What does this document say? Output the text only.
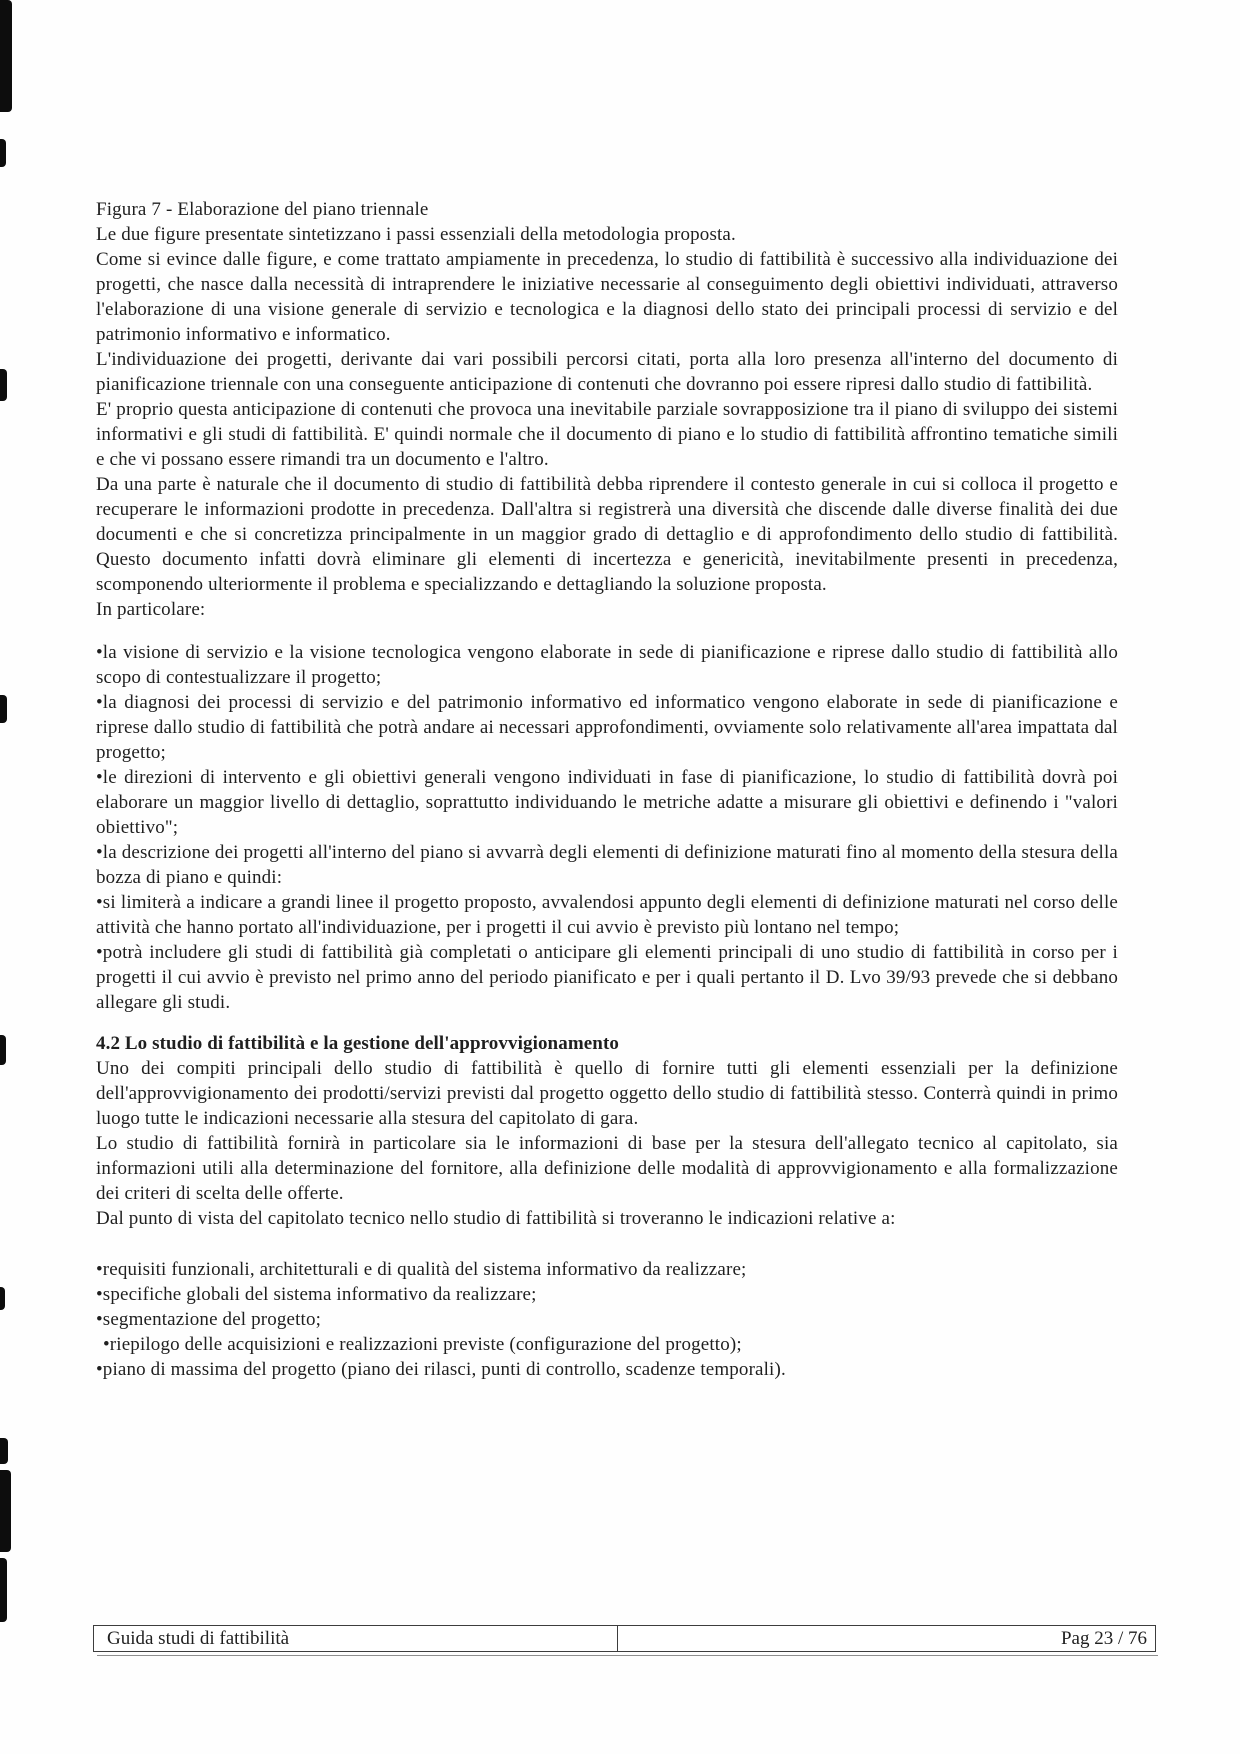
Figura 7 - Elaborazione del piano triennale

Le due figure presentate sintetizzano i passi essenziali della metodologia proposta.

Come si evince dalle figure, e come trattato ampiamente in precedenza, lo studio di fattibilità è successivo alla individuazione dei progetti, che nasce dalla necessità di intraprendere le iniziative necessarie al conseguimento degli obiettivi individuati, attraverso l'elaborazione di una visione generale di servizio e tecnologica e la diagnosi dello stato dei principali processi di servizio e del patrimonio informativo e informatico.

L'individuazione dei progetti, derivante dai vari possibili percorsi citati, porta alla loro presenza all'interno del documento di pianificazione triennale con una conseguente anticipazione di contenuti che dovranno poi essere ripresi dallo studio di fattibilità.

E' proprio questa anticipazione di contenuti che provoca una inevitabile parziale sovrapposizione tra il piano di sviluppo dei sistemi informativi e gli studi di fattibilità. E' quindi normale che il documento di piano e lo studio di fattibilità affrontino tematiche simili e che vi possano essere rimandi tra un documento e l'altro.

Da una parte è naturale che il documento di studio di fattibilità debba riprendere il contesto generale in cui si colloca il progetto e recuperare le informazioni prodotte in precedenza. Dall'altra si registrerà una diversità che discende dalle diverse finalità dei due documenti e che si concretizza principalmente in un maggior grado di dettaglio e di approfondimento dello studio di fattibilità. Questo documento infatti dovrà eliminare gli elementi di incertezza e genericità, inevitabilmente presenti in precedenza, scomponendo ulteriormente il problema e specializzando e dettagliando la soluzione proposta.

In particolare:

•la visione di servizio e la visione tecnologica vengono elaborate in sede di pianificazione e riprese dallo studio di fattibilità allo scopo di contestualizzare il progetto;

•la diagnosi dei processi di servizio e del patrimonio informativo ed informatico vengono elaborate in sede di pianificazione e riprese dallo studio di fattibilità che potrà andare ai necessari approfondimenti, ovviamente solo relativamente all'area impattata dal progetto;

•le direzioni di intervento e gli obiettivi generali vengono individuati in fase di pianificazione, lo studio di fattibilità dovrà poi elaborare un maggior livello di dettaglio, soprattutto individuando le metriche adatte a misurare gli obiettivi e definendo i "valori obiettivo";

•la descrizione dei progetti all'interno del piano si avvarrà degli elementi di definizione maturati fino al momento della stesura della bozza di piano e quindi:

•si limiterà a indicare a grandi linee il progetto proposto, avvalendosi appunto degli elementi di definizione maturati nel corso delle attività che hanno portato all'individuazione, per i progetti il cui avvio è previsto più lontano nel tempo;

•potrà includere gli studi di fattibilità già completati o anticipare gli elementi principali di uno studio di fattibilità in corso per i progetti il cui avvio è previsto nel primo anno del periodo pianificato e per i quali pertanto il D. Lvo 39/93 prevede che si debbano allegare gli studi.

4.2 Lo studio di fattibilità e la gestione dell'approvvigionamento

Uno dei compiti principali dello studio di fattibilità è quello di fornire tutti gli elementi essenziali per la definizione dell'approvvigionamento dei prodotti/servizi previsti dal progetto oggetto dello studio di fattibilità stesso. Conterrà quindi in primo luogo tutte le indicazioni necessarie alla stesura del capitolato di gara.

Lo studio di fattibilità fornirà in particolare sia le informazioni di base per la stesura dell'allegato tecnico al capitolato, sia informazioni utili alla determinazione del fornitore, alla definizione delle modalità di approvvigionamento e alla formalizzazione dei criteri di scelta delle offerte.

Dal punto di vista del capitolato tecnico nello studio di fattibilità si troveranno le indicazioni relative a:

•requisiti funzionali, architetturali e di qualità del sistema informativo da realizzare;

•specifiche globali del sistema informativo da realizzare;

•segmentazione del progetto;

•riepilogo delle acquisizioni e realizzazioni previste (configurazione del progetto);

•piano di massima del progetto (piano dei rilasci, punti di controllo, scadenze temporali).

Guida studi di fattibilità	Pag 23 / 76
